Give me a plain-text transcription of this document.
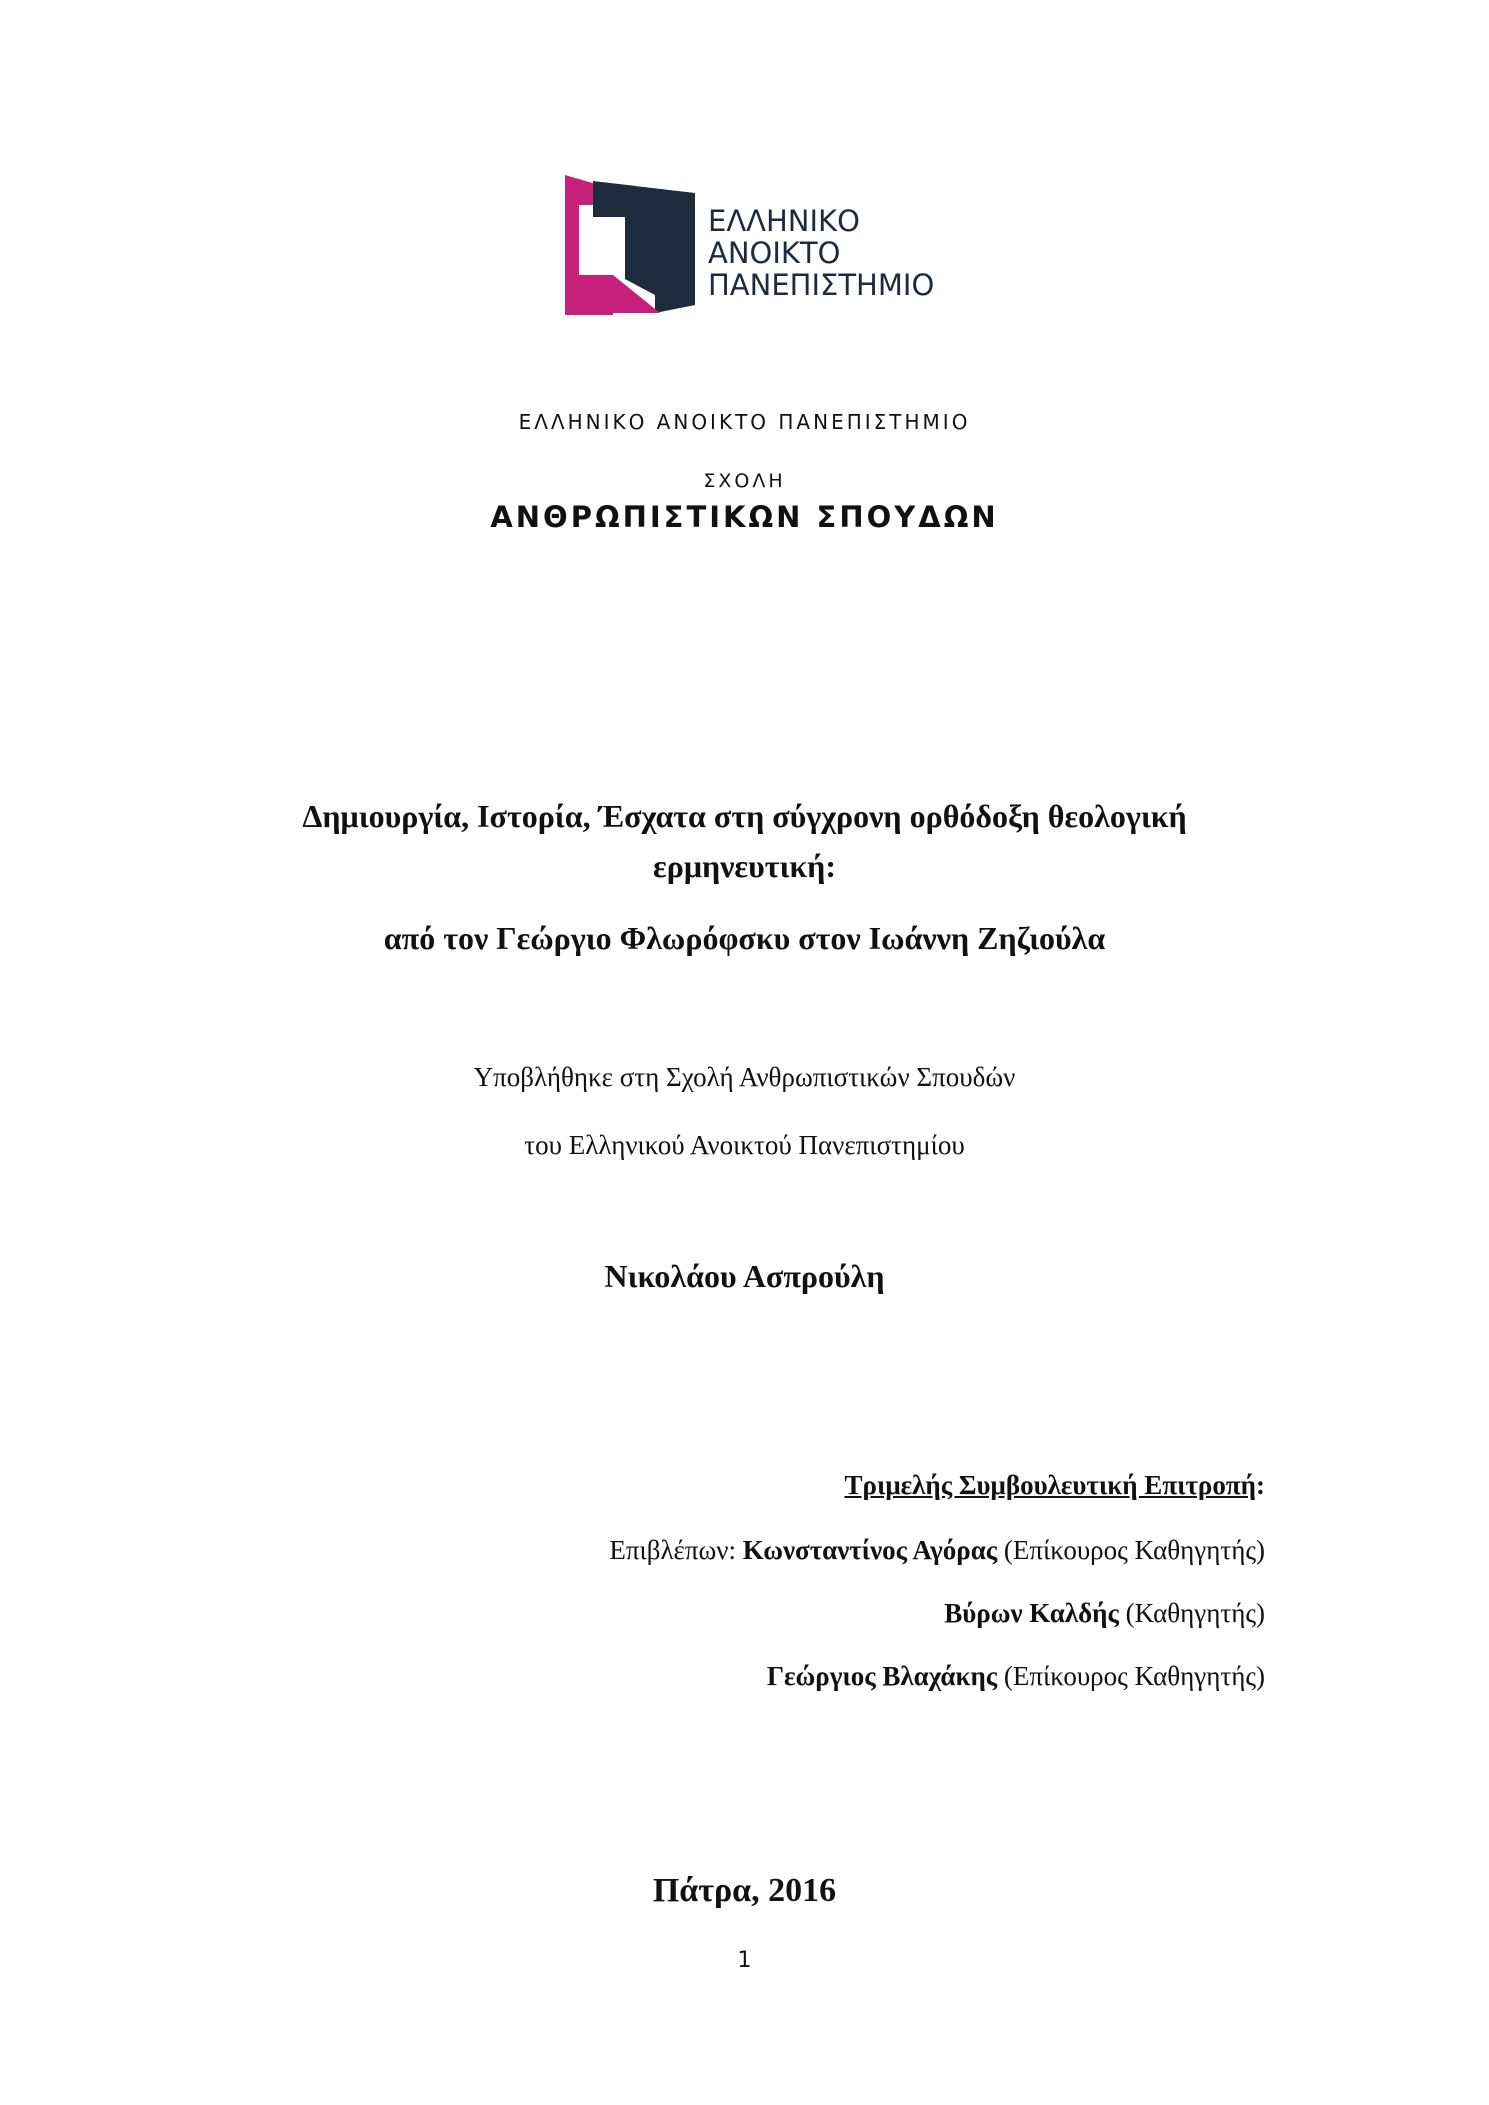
ΕΛΛΗΝΙΚΟ
ΑΝΟΙΚΤΟ
ΠΑΝΕΠΙΣΤΗΜΙΟ
ΕΛΛΗΝΙΚΟ ΑΝΟΙΚΤΟ ΠΑΝΕΠΙΣΤΗΜΙΟ
ΣΧΟΛΗ
ΑΝΘΡΩΠΙΣΤΙΚΩΝ ΣΠΟΥΔΩΝ
Δημιουργία, Ιστορία, Έσχατα στη σύγχρονη ορθόδοξη θεολογική
ερμηνευτική:
από τον Γεώργιο Φλωρόφσκυ στον Ιωάννη Ζηζιούλα
Υποβλήθηκε στη Σχολή Ανθρωπιστικών Σπουδών
του Ελληνικού Ανοικτού Πανεπιστημίου
Νικολάου Ασπρούλη
Τριμελής Συμβουλευτική Επιτροπή:
Επιβλέπων: Κωνσταντίνος Αγόρας (Επίκουρος Καθηγητής)
Βύρων Καλδής (Καθηγητής)
Γεώργιος Βλαχάκης (Επίκουρος Καθηγητής)
Πάτρα, 2016
1
